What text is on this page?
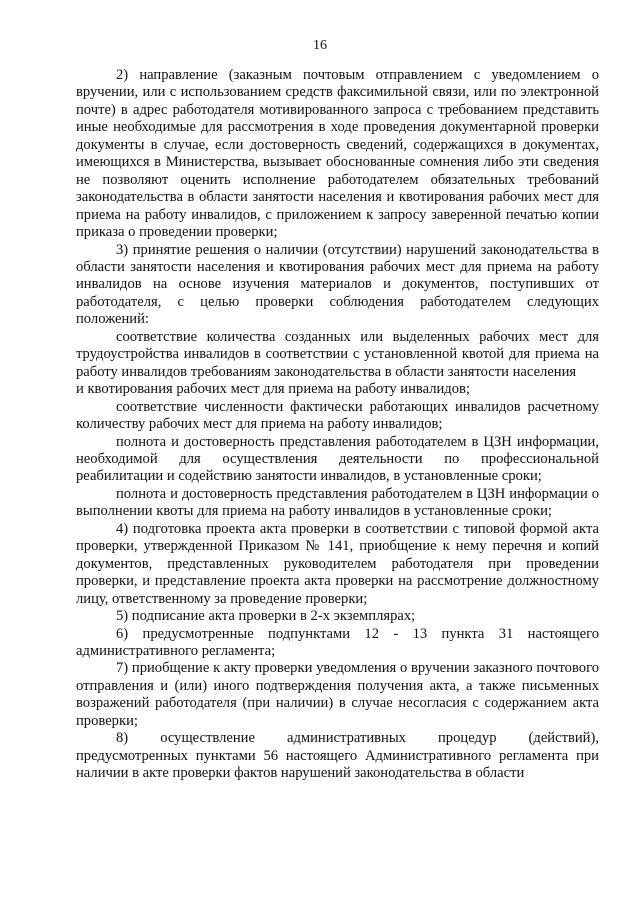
16

2) направление (заказным почтовым отправлением с уведомлением о вручении, или с использованием средств факсимильной связи, или по электронной почте) в адрес работодателя мотивированного запроса с требованием представить иные необходимые для рассмотрения в ходе проведения документарной проверки документы в случае, если достоверность сведений, содержащихся в документах, имеющихся в Министерства, вызывает обоснованные сомнения либо эти сведения не позволяют оценить исполнение работодателем обязательных требований законодательства в области занятости населения и квотирования рабочих мест для приема на работу инвалидов, с приложением к запросу заверенной печатью копии приказа о проведении проверки;

3) принятие решения о наличии (отсутствии) нарушений законодательства в области занятости населения и квотирования рабочих мест для приема на работу инвалидов на основе изучения материалов и документов, поступивших от работодателя, с целью проверки соблюдения работодателем следующих положений:

соответствие количества созданных или выделенных рабочих мест для трудоустройства инвалидов в соответствии с установленной квотой для приема на работу инвалидов требованиям законодательства в области занятости населения

и квотирования рабочих мест для приема на работу инвалидов;

соответствие численности фактически работающих инвалидов расчетному количеству рабочих мест для приема на работу инвалидов;

полнота и достоверность представления работодателем в ЦЗН информации, необходимой для осуществления деятельности по профессиональной реабилитации и содействию занятости инвалидов, в установленные сроки;

полнота и достоверность представления работодателем в ЦЗН информации о выполнении квоты для приема на работу инвалидов в установленные сроки;

4) подготовка проекта акта проверки в соответствии с типовой формой акта проверки, утвержденной Приказом № 141, приобщение к нему перечня и копий документов, представленных руководителем работодателя при проведении проверки, и представление проекта акта проверки на рассмотрение должностному лицу, ответственному за проведение проверки;

5) подписание акта проверки в 2-х экземплярах;

6) предусмотренные подпунктами 12 - 13 пункта 31 настоящего административного регламента;

7) приобщение к акту проверки уведомления о вручении заказного почтового отправления и (или) иного подтверждения получения акта, а также письменных возражений работодателя (при наличии) в случае несогласия с содержанием акта проверки;

8) осуществление административных процедур (действий), предусмотренных пунктами 56 настоящего Административного регламента при наличии в акте проверки фактов нарушений законодательства в области
